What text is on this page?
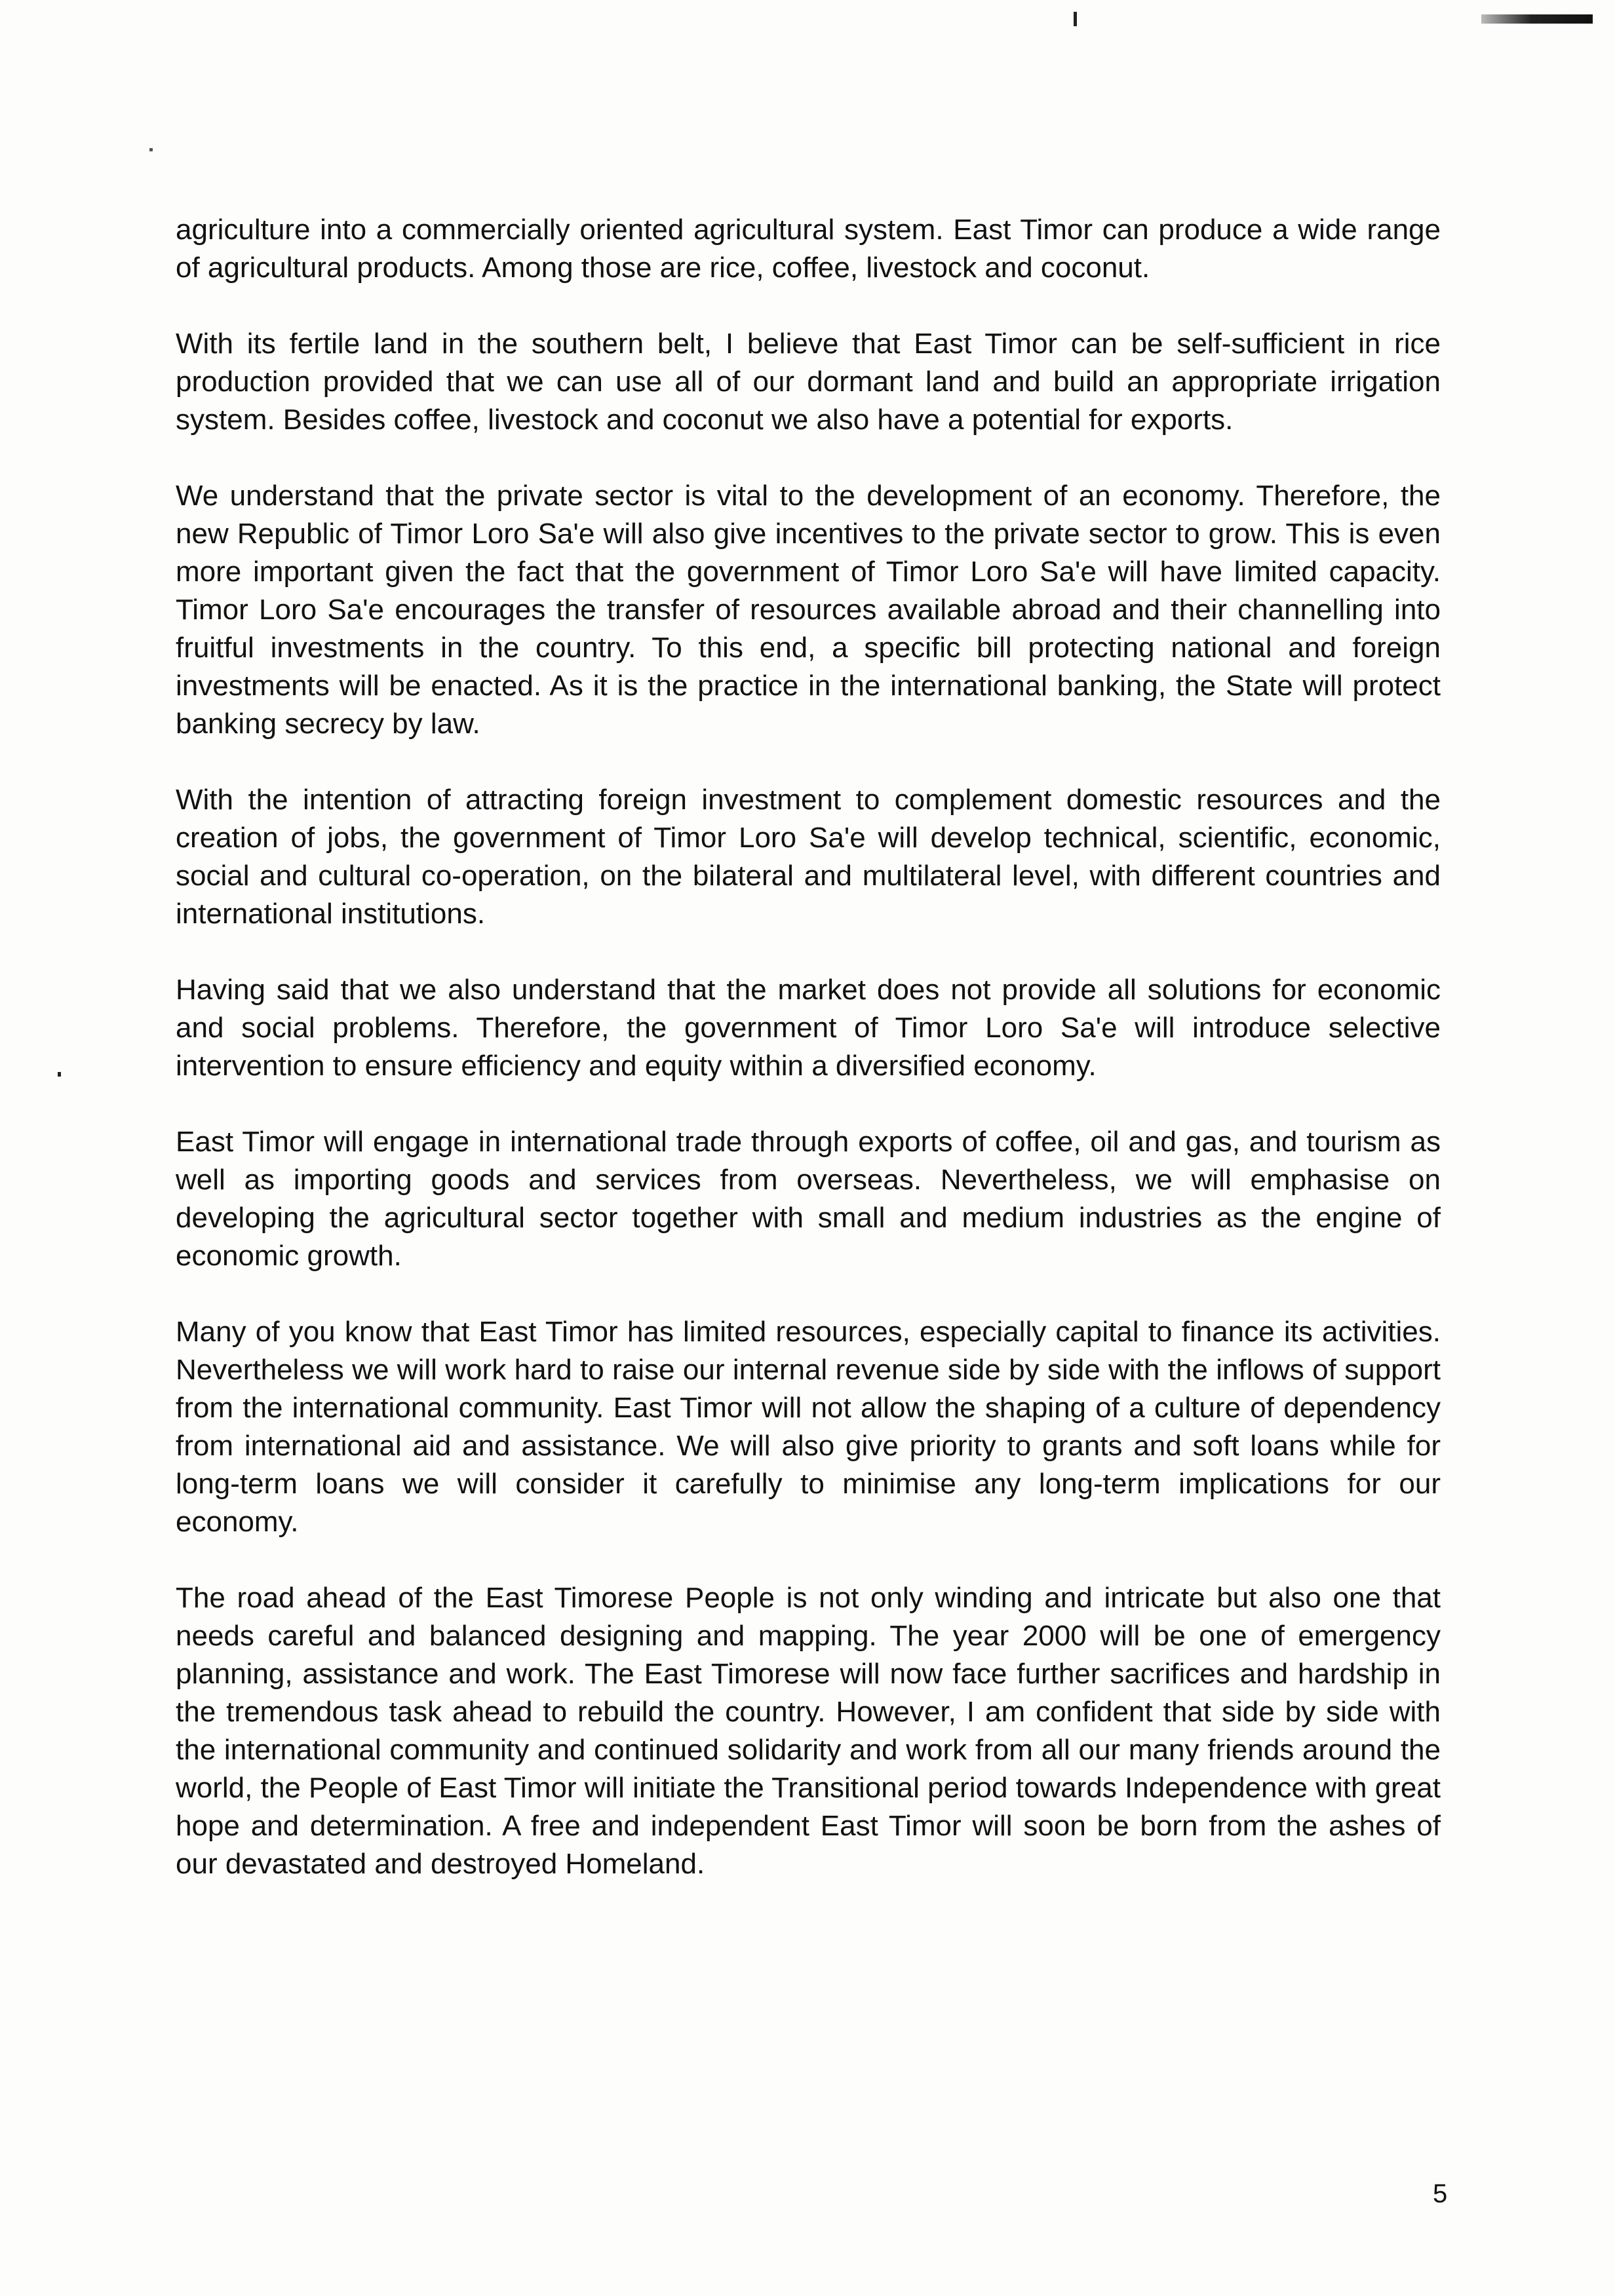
agriculture into a commercially oriented agricultural system. East Timor can produce a wide range of agricultural products. Among those are rice, coffee, livestock and coconut.

With its fertile land in the southern belt, I believe that East Timor can be self-sufficient in rice production provided that we can use all of our dormant land and build an appropriate irrigation system. Besides coffee, livestock and coconut we also have a potential for exports.

We understand that the private sector is vital to the development of an economy. Therefore, the new Republic of Timor Loro Sa'e will also give incentives to the private sector to grow. This is even more important given the fact that the government of Timor Loro Sa'e will have limited capacity. Timor Loro Sa'e encourages the transfer of resources available abroad and their channelling into fruitful investments in the country. To this end, a specific bill protecting national and foreign investments will be enacted. As it is the practice in the international banking, the State will protect banking secrecy by law.

With the intention of attracting foreign investment to complement domestic resources and the creation of jobs, the government of Timor Loro Sa'e will develop technical, scientific, economic, social and cultural co-operation, on the bilateral and multilateral level, with different countries and international institutions.

Having said that we also understand that the market does not provide all solutions for economic and social problems. Therefore, the government of Timor Loro Sa'e will introduce selective intervention to ensure efficiency and equity within a diversified economy.

East Timor will engage in international trade through exports of coffee, oil and gas, and tourism as well as importing goods and services from overseas. Nevertheless, we will emphasise on developing the agricultural sector together with small and medium industries as the engine of economic growth.

Many of you know that East Timor has limited resources, especially capital to finance its activities. Nevertheless we will work hard to raise our internal revenue side by side with the inflows of support from the international community. East Timor will not allow the shaping of a culture of dependency from international aid and assistance. We will also give priority to grants and soft loans while for long-term loans we will consider it carefully to minimise any long-term implications for our economy.

The road ahead of the East Timorese People is not only winding and intricate but also one that needs careful and balanced designing and mapping. The year 2000 will be one of emergency planning, assistance and work. The East Timorese will now face further sacrifices and hardship in the tremendous task ahead to rebuild the country. However, I am confident that side by side with the international community and continued solidarity and work from all our many friends around the world, the People of East Timor will initiate the Transitional period towards Independence with great hope and determination. A free and independent East Timor will soon be born from the ashes of our devastated and destroyed Homeland.

5
